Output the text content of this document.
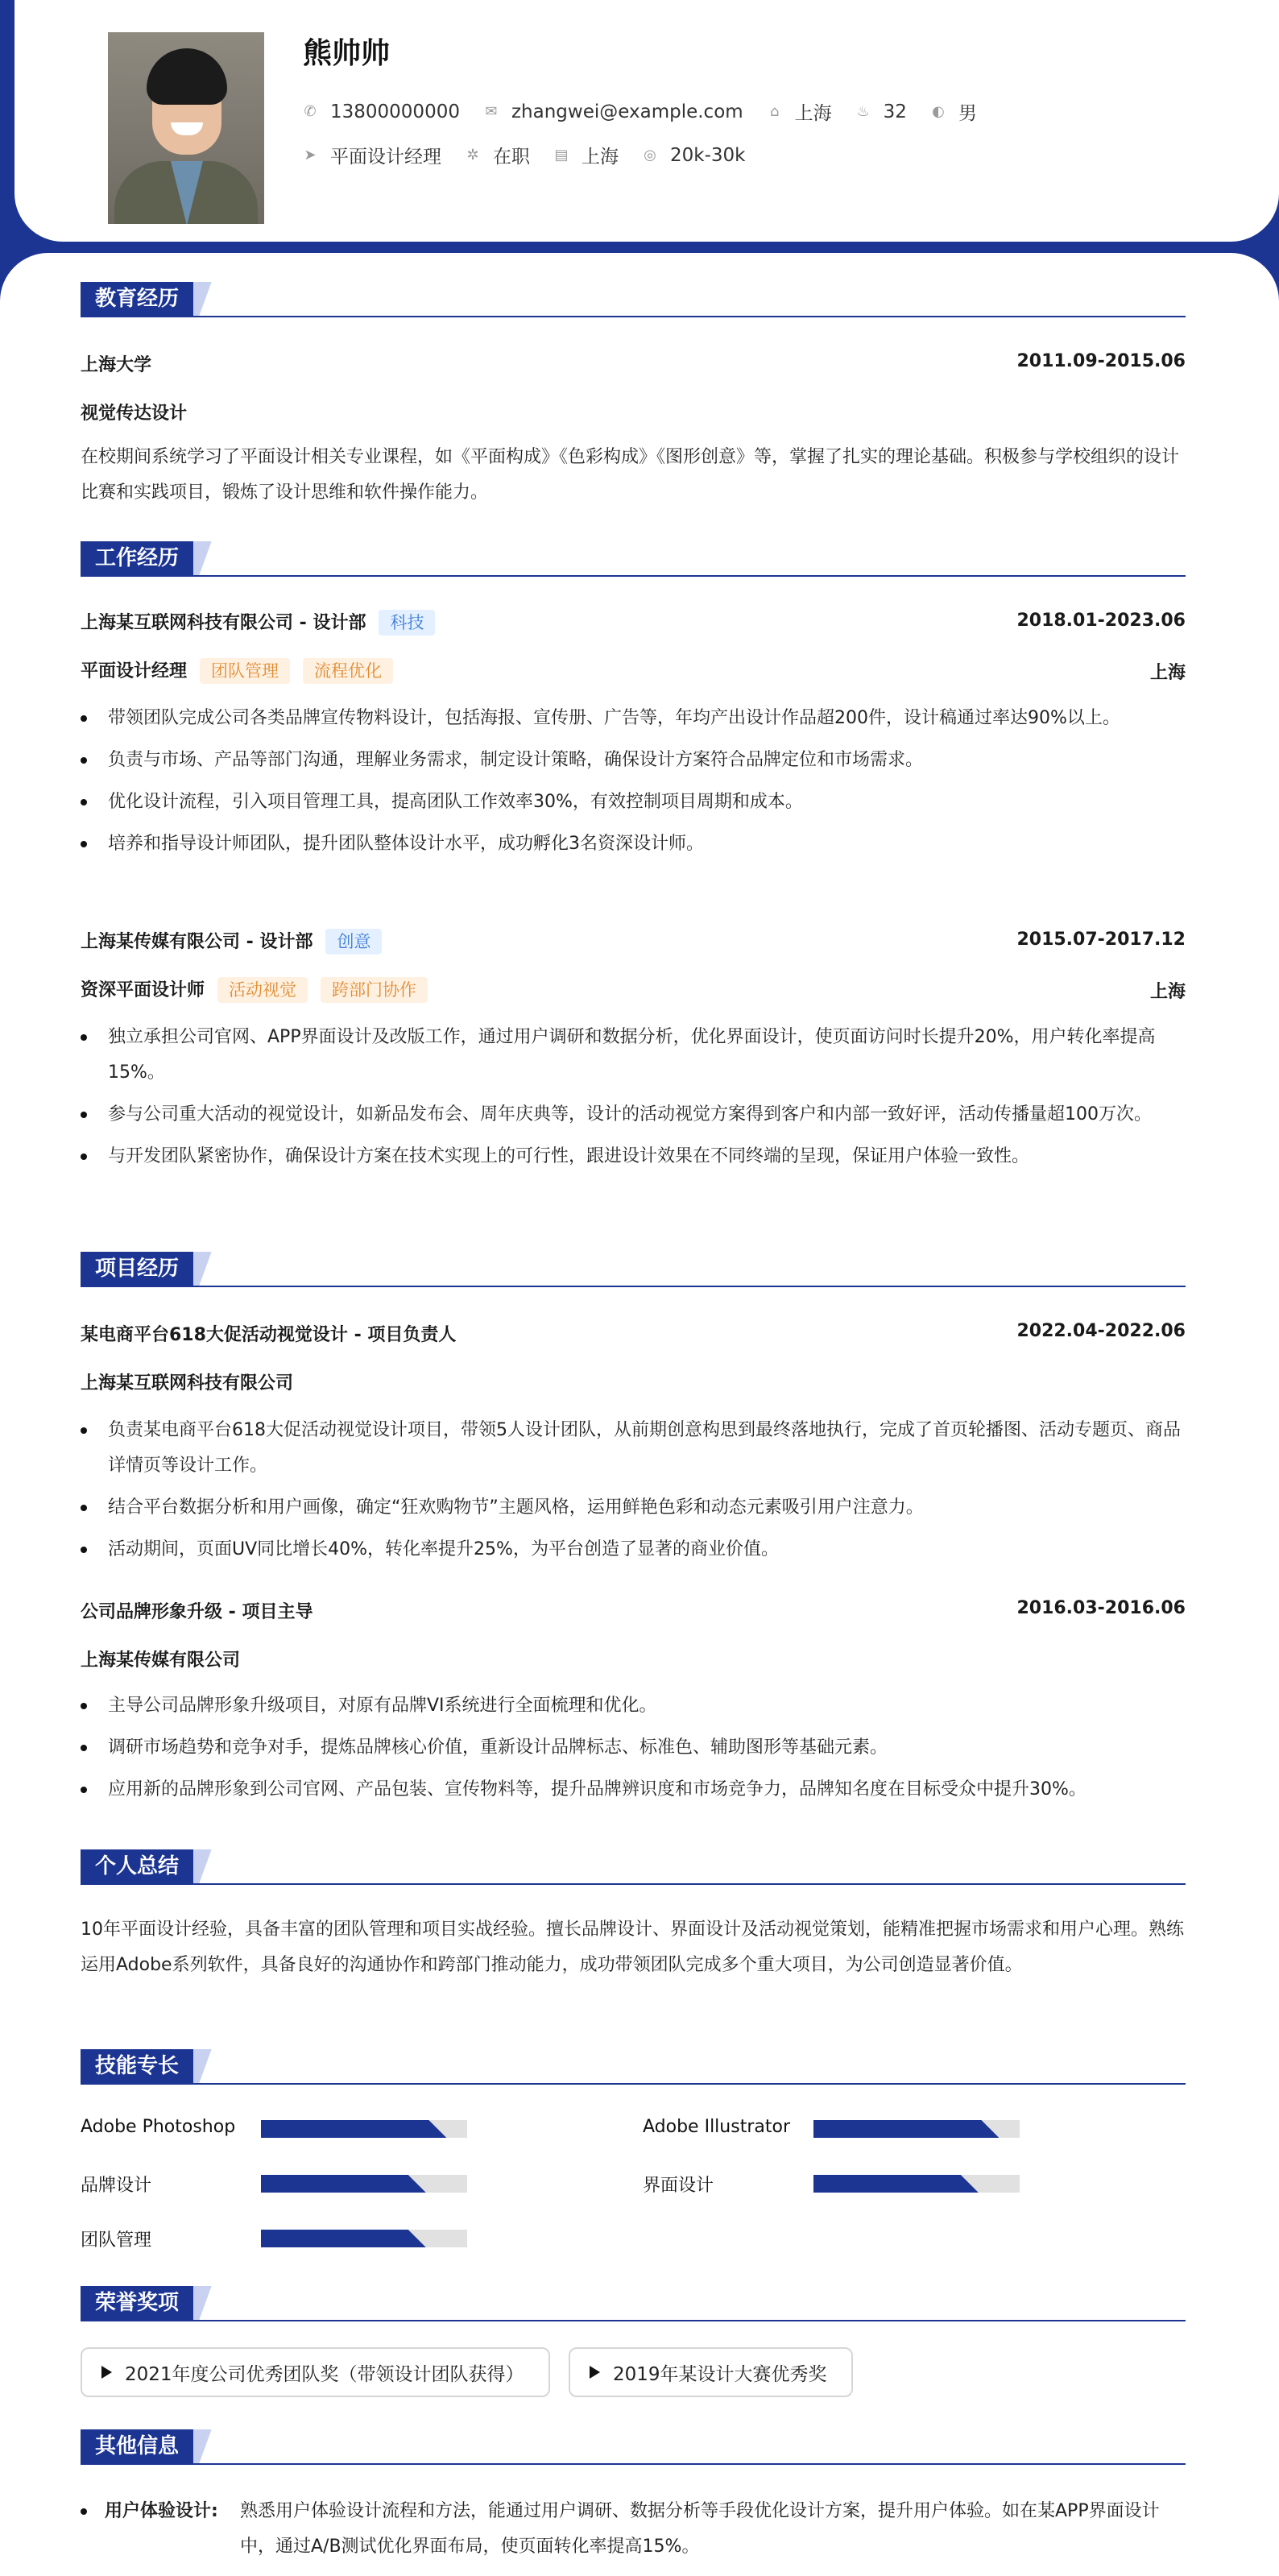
熊帅帅
✆ 13800000000 ✉ zhangwei@example.com ⌂ 上海 ♨ 32 ◐ 男
➤ 平面设计经理 ✲ 在职 ▤ 上海 ◎ 20k-30k
教育经历
上海大学	2011.09-2015.06
视觉传达设计
在校期间系统学习了平面设计相关专业课程，如《平面构成》《色彩构成》《图形创意》等，掌握了扎实的理论基础。积极参与学校组织的设计比赛和实践项目，锻炼了设计思维和软件操作能力。
工作经历
上海某互联网科技有限公司 - 设计部 科技	2018.01-2023.06
平面设计经理 团队管理 流程优化	上海
带领团队完成公司各类品牌宣传物料设计，包括海报、宣传册、广告等，年均产出设计作品超200件，设计稿通过率达90%以上。
负责与市场、产品等部门沟通，理解业务需求，制定设计策略，确保设计方案符合品牌定位和市场需求。
优化设计流程，引入项目管理工具，提高团队工作效率30%，有效控制项目周期和成本。
培养和指导设计师团队，提升团队整体设计水平，成功孵化3名资深设计师。
上海某传媒有限公司 - 设计部 创意	2015.07-2017.12
资深平面设计师 活动视觉 跨部门协作	上海
独立承担公司官网、APP界面设计及改版工作，通过用户调研和数据分析，优化界面设计，使页面访问时长提升20%，用户转化率提高15%。
参与公司重大活动的视觉设计，如新品发布会、周年庆典等，设计的活动视觉方案得到客户和内部一致好评，活动传播量超100万次。
与开发团队紧密协作，确保设计方案在技术实现上的可行性，跟进设计效果在不同终端的呈现，保证用户体验一致性。
项目经历
某电商平台618大促活动视觉设计 - 项目负责人	2022.04-2022.06
上海某互联网科技有限公司
负责某电商平台618大促活动视觉设计项目，带领5人设计团队，从前期创意构思到最终落地执行，完成了首页轮播图、活动专题页、商品详情页等设计工作。
结合平台数据分析和用户画像，确定“狂欢购物节”主题风格，运用鲜艳色彩和动态元素吸引用户注意力。
活动期间，页面UV同比增长40%，转化率提升25%，为平台创造了显著的商业价值。
公司品牌形象升级 - 项目主导	2016.03-2016.06
上海某传媒有限公司
主导公司品牌形象升级项目，对原有品牌VI系统进行全面梳理和优化。
调研市场趋势和竞争对手，提炼品牌核心价值，重新设计品牌标志、标准色、辅助图形等基础元素。
应用新的品牌形象到公司官网、产品包装、宣传物料等，提升品牌辨识度和市场竞争力，品牌知名度在目标受众中提升30%。
个人总结
10年平面设计经验，具备丰富的团队管理和项目实战经验。擅长品牌设计、界面设计及活动视觉策划，能精准把握市场需求和用户心理。熟练运用Adobe系列软件，具备良好的沟通协作和跨部门推动能力，成功带领团队完成多个重大项目，为公司创造显著价值。
技能专长
Adobe Photoshop	Adobe Illustrator
品牌设计	界面设计
团队管理
荣誉奖项
2021年度公司优秀团队奖（带领设计团队获得）	2019年某设计大赛优秀奖
其他信息
用户体验设计: 熟悉用户体验设计流程和方法，能通过用户调研、数据分析等手段优化设计方案，提升用户体验。如在某APP界面设计中，通过A/B测试优化界面布局，使页面转化率提高15%。
